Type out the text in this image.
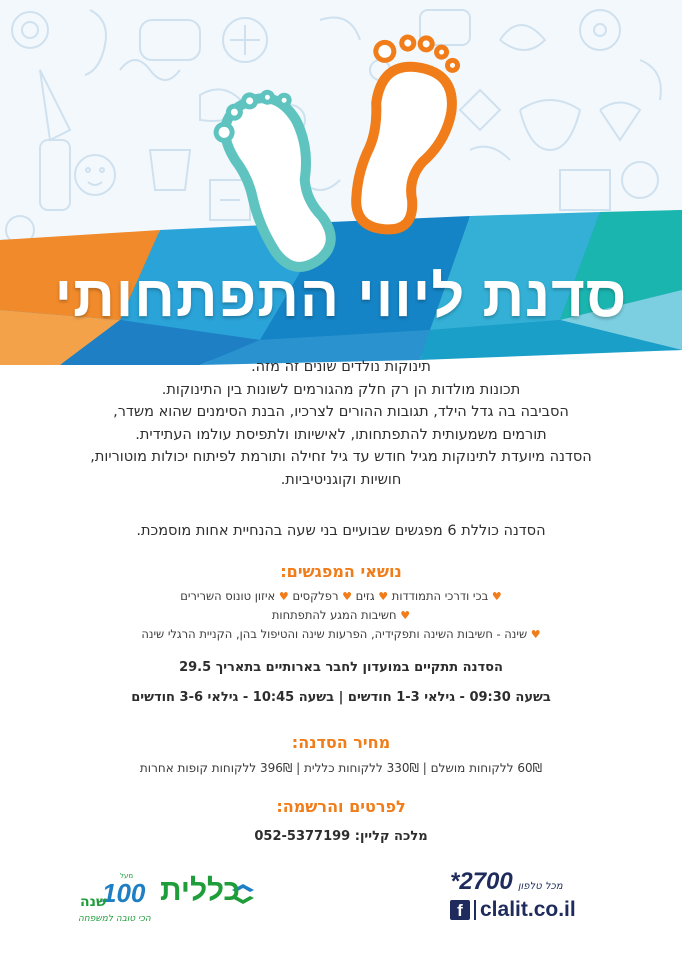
סדנת ליווי התפתחותי
תינוקות נולדים שונים זה מזה.
תכונות מולדות הן רק חלק מהגורמים לשונות בין התינוקות.
הסביבה בה גדל הילד, תגובות ההורים לצרכיו, הבנת הסימנים שהוא משדר,
תורמים משמעותית להתפתחותו, לאישיותו ולתפיסת עולמו העתידית.
הסדנה מיועדת לתינוקות מגיל חודש עד גיל זחילה ותורמת לפיתוח יכולות מוטוריות,
חושיות וקוגניטיביות.
הסדנה כוללת 6 מפגשים שבועיים בני שעה בהנחיית אחות מוסמכת.
נושאי המפגשים:
♥ בכי ודרכי התמודדות ♥ גזים ♥ רפלקסים ♥ איזון טונוס השרירים
♥ חשיבות המגע להתפתחות
♥ שינה - חשיבות השינה ותפקידיה, הפרעות שינה והטיפול בהן, הקניית הרגלי שינה
הסדנה תתקיים במועדון לחבר בארותיים בתאריך 29.5
בשעה 09:30 - גילאי 1-3 חודשים | בשעה 10:45 - גילאי 3-6 חודשים
מחיר הסדנה:
60₪ ללקוחות מושלם | 330₪ ללקוחות כללית | 396₪ ללקוחות קופות אחרות
לפרטים והרשמה:
מלכה קליין: 052-5377199
*2700 מכל טלפון
f clalit.co.il
כללית
מעל
100
שנה
הכי טובה למשפחה
